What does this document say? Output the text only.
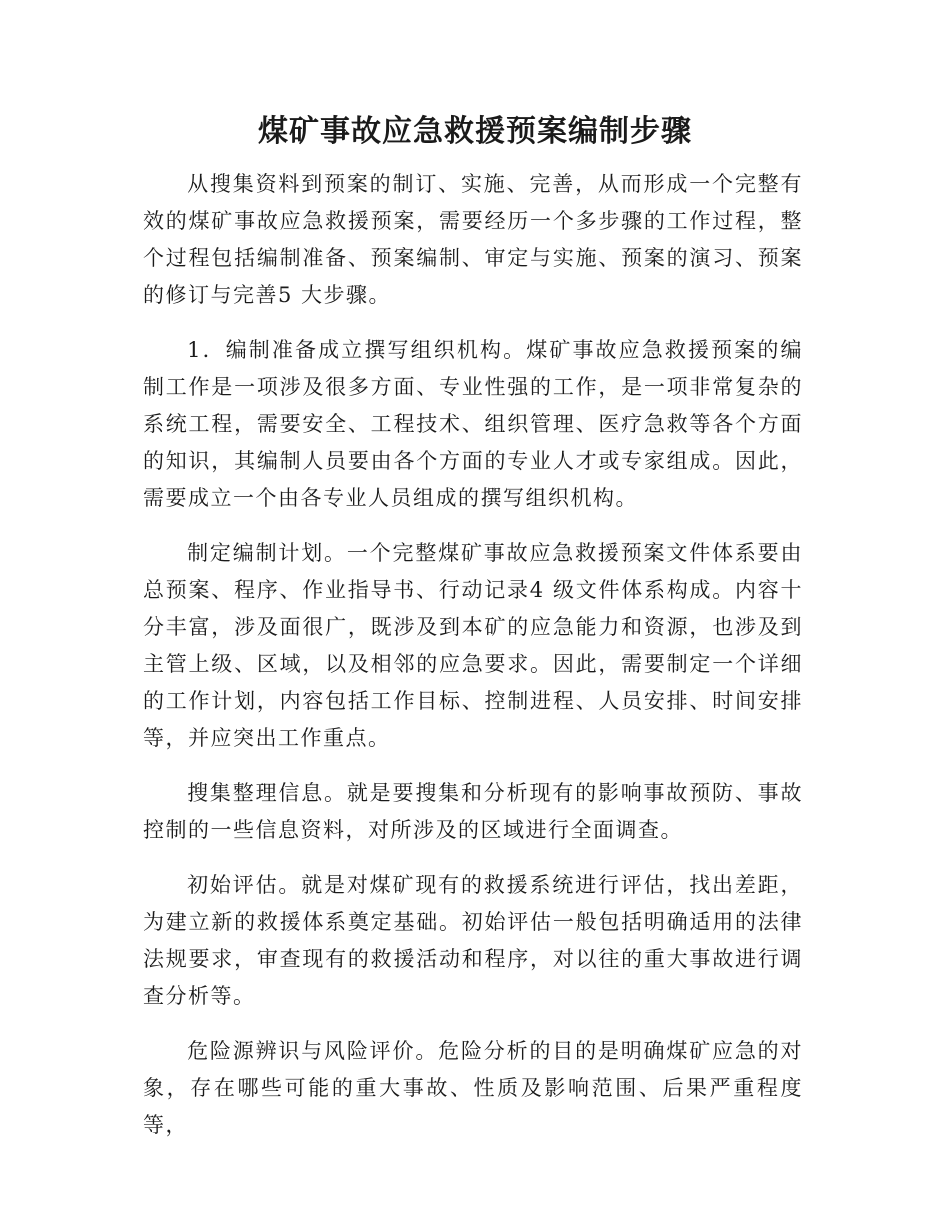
煤矿事故应急救援预案编制步骤

从搜集资料到预案的制订、实施、完善，从而形成一个完整有效的煤矿事故应急救援预案，需要经历一个多步骤的工作过程，整个过程包括编制准备、预案编制、审定与实施、预案的演习、预案的修订与完善5 大步骤。

1．编制准备成立撰写组织机构。煤矿事故应急救援预案的编制工作是一项涉及很多方面、专业性强的工作，是一项非常复杂的系统工程，需要安全、工程技术、组织管理、医疗急救等各个方面的知识，其编制人员要由各个方面的专业人才或专家组成。因此，需要成立一个由各专业人员组成的撰写组织机构。

制定编制计划。一个完整煤矿事故应急救援预案文件体系要由总预案、程序、作业指导书、行动记录4 级文件体系构成。内容十分丰富，涉及面很广，既涉及到本矿的应急能力和资源，也涉及到主管上级、区域，以及相邻的应急要求。因此，需要制定一个详细的工作计划，内容包括工作目标、控制进程、人员安排、时间安排等，并应突出工作重点。

搜集整理信息。就是要搜集和分析现有的影响事故预防、事故控制的一些信息资料，对所涉及的区域进行全面调查。

初始评估。就是对煤矿现有的救援系统进行评估，找出差距，为建立新的救援体系奠定基础。初始评估一般包括明确适用的法律法规要求，审查现有的救援活动和程序，对以往的重大事故进行调查分析等。

危险源辨识与风险评价。危险分析的目的是明确煤矿应急的对象，存在哪些可能的重大事故、性质及影响范围、后果严重程度等，
